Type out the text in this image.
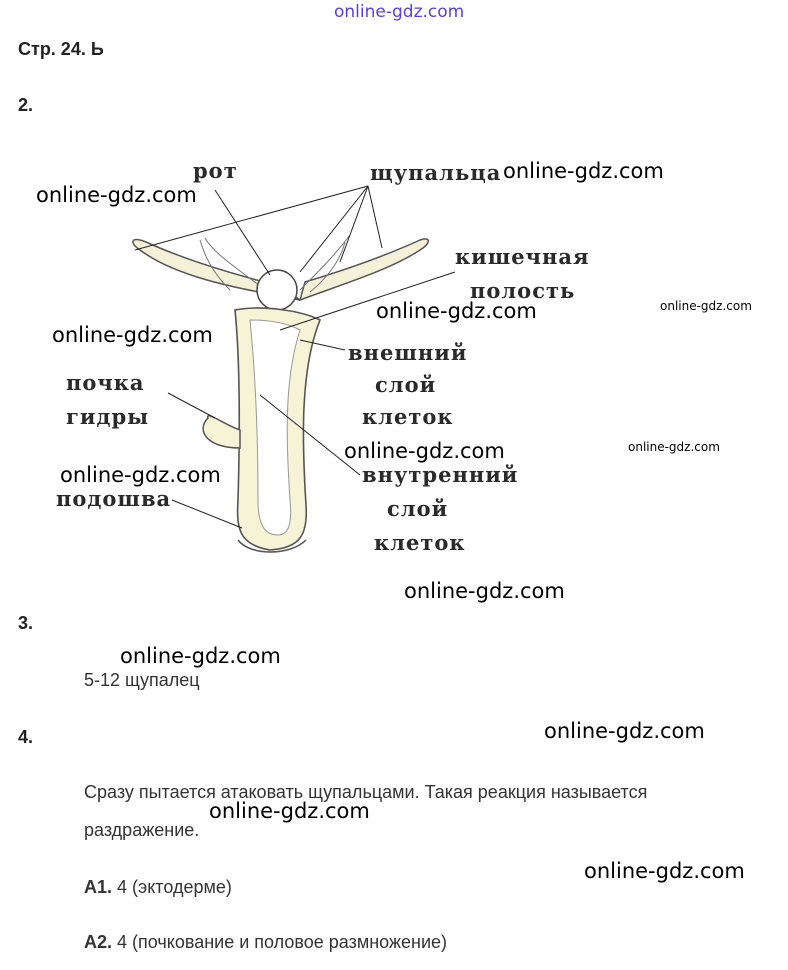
online-gdz.com
Стр. 24. Ь
2.
рот	щупальца
кишечная
полость
внешний
слой
клеток
почка
гидры
внутренний
слой
клеток
подошва
online-gdz.com
online-gdz.com
online-gdz.com	online-gdz.com
online-gdz.com
online-gdz.com	online-gdz.com
online-gdz.com
online-gdz.com
3.
online-gdz.com
5-12 щупалец
4.	online-gdz.com
Сразу пытается атаковать щупальцами. Такая реакция называется
online-gdz.com
раздражение.
А1. 4 (эктодерме)
online-gdz.com
А2. 4 (почкование и половое размножение)
